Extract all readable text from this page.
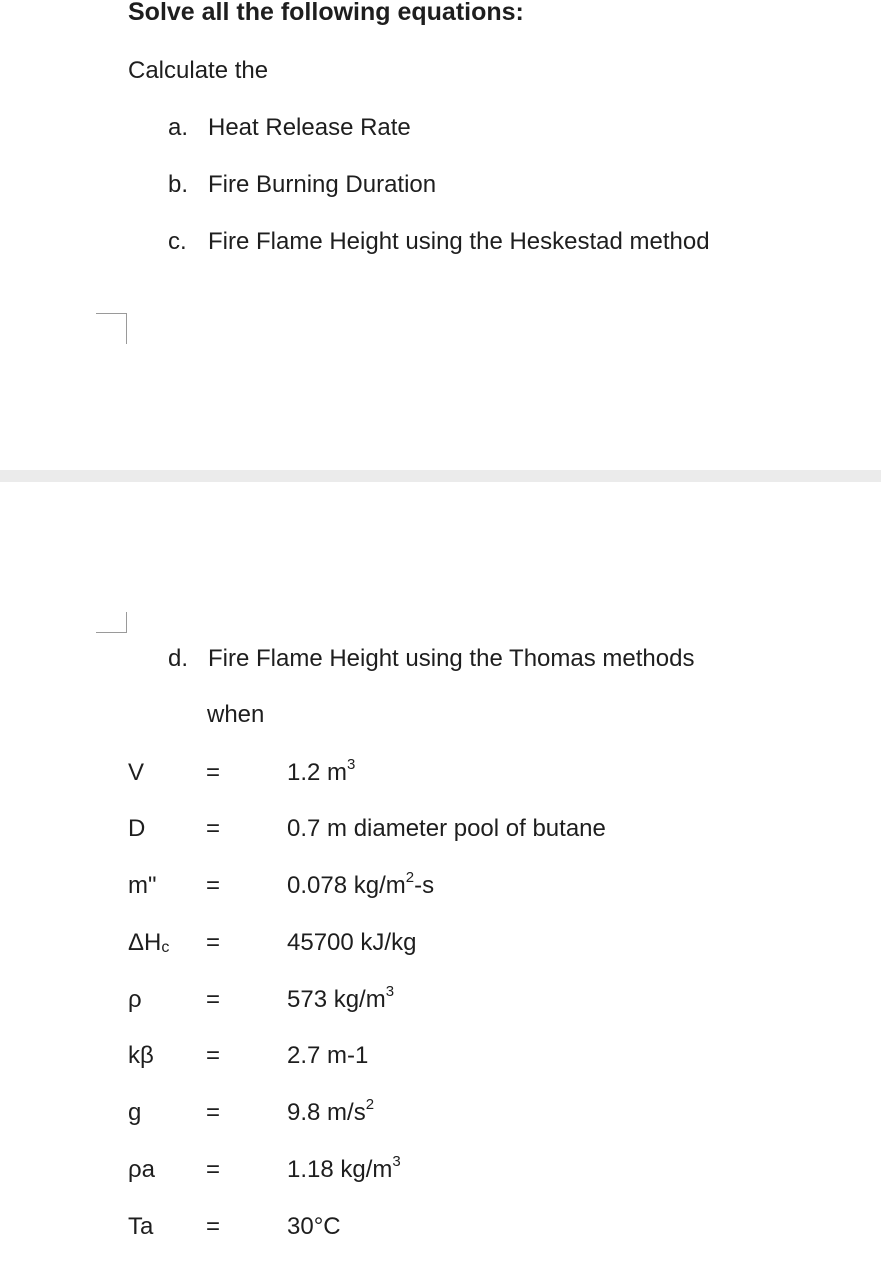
Solve all the following equations:
Calculate the
a. Heat Release Rate
b. Fire Burning Duration
c. Fire Flame Height using the Heskestad method
d. Fire Flame Height using the Thomas methods
when
V	=	1.2 $m^3$
D	=	0.7 m diameter pool of butane
m" =	0.078 $kg/m^2-s$
ΔHc =	45700 kJ/kg
ρ	=	573 $kg/m^3$
kβ =	2.7 m-1
g	=	9.8 $m/s^2$
ρa =	1.18 $kg/m^3$
Ta =	30°C
